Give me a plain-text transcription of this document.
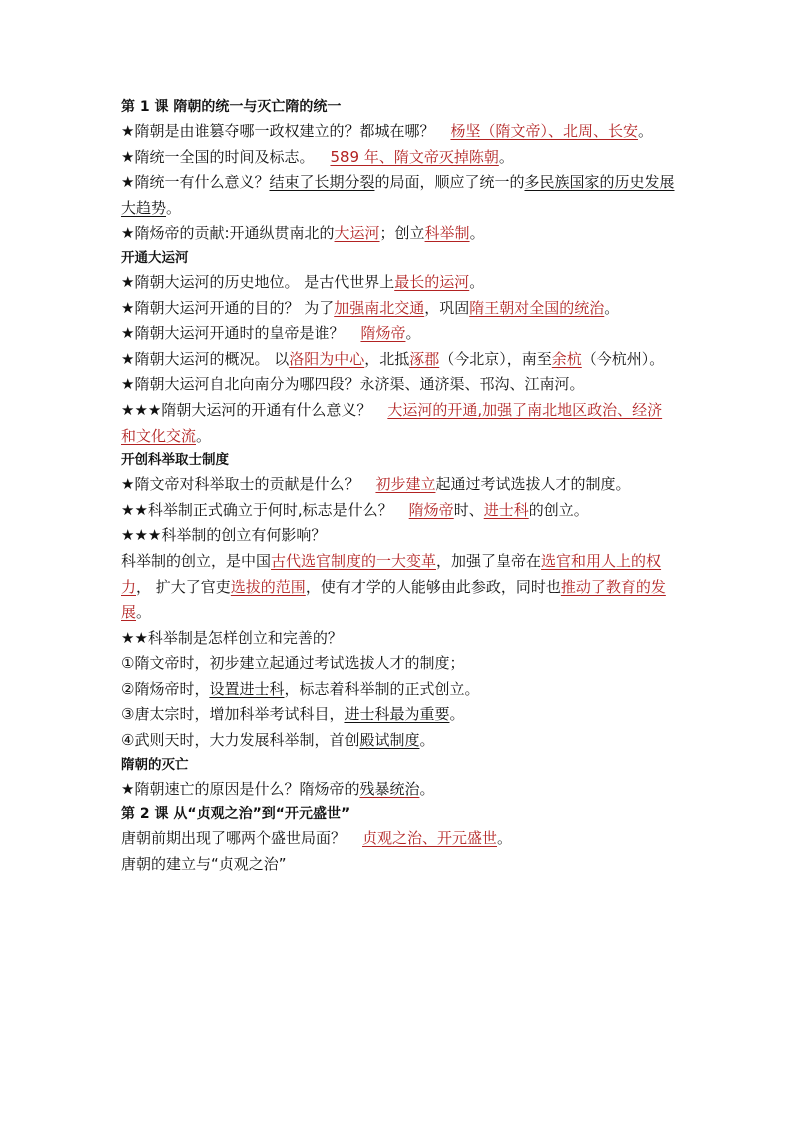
第 1 课 隋朝的统一与灭亡隋的统一

★隋朝是由谁篡夺哪一政权建立的？都城在哪？ 杨坚（隋文帝）、北周、长安。

★隋统一全国的时间及标志。 589 年、隋文帝灭掉陈朝。

★隋统一有什么意义？结束了长期分裂的局面，顺应了统一的多民族国家的历史发展大趋势。

★隋炀帝的贡献:开通纵贯南北的大运河；创立科举制。

开通大运河

★隋朝大运河的历史地位。 是古代世界上最长的运河。

★隋朝大运河开通的目的？ 为了加强南北交通，巩固隋王朝对全国的统治。

★隋朝大运河开通时的皇帝是谁？ 隋炀帝。

★隋朝大运河的概况。 以洛阳为中心，北抵涿郡（今北京），南至余杭（今杭州）。

★隋朝大运河自北向南分为哪四段？永济渠、通济渠、邗沟、江南河。

★★★隋朝大运河的开通有什么意义？ 大运河的开通,加强了南北地区政治、经济和文化交流。

开创科举取士制度

★隋文帝对科举取士的贡献是什么？ 初步建立起通过考试选拔人才的制度。

★★科举制正式确立于何时,标志是什么？ 隋炀帝时、进士科的创立。

★★★科举制的创立有何影响？

科举制的创立，是中国古代选官制度的一大变革，加强了皇帝在选官和用人上的权力， 扩大了官吏选拔的范围，使有才学的人能够由此参政，同时也推动了教育的发展。

★★科举制是怎样创立和完善的？

①隋文帝时，初步建立起通过考试选拔人才的制度；

②隋炀帝时，设置进士科，标志着科举制的正式创立。

③唐太宗时，增加科举考试科目，进士科最为重要。

④武则天时，大力发展科举制，首创殿试制度。

隋朝的灭亡

★隋朝速亡的原因是什么？隋炀帝的残暴统治。

第 2 课 从“贞观之治”到“开元盛世”

唐朝前期出现了哪两个盛世局面？ 贞观之治、开元盛世。

唐朝的建立与“贞观之治”
